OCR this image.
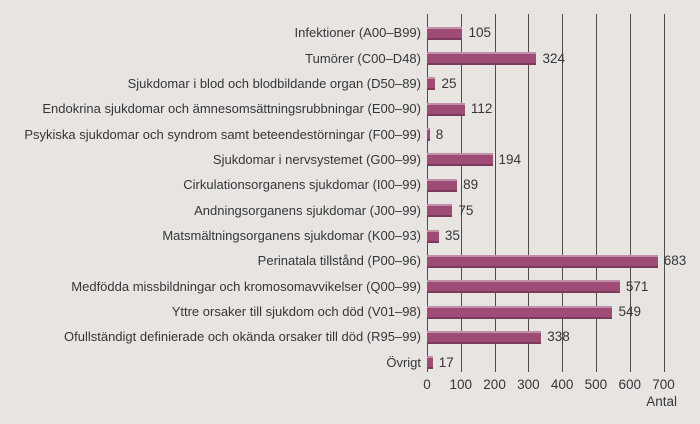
0 100 200 300 400 500 600 700
Infektioner (A00–B99)	105
Tumörer (C00–D48)	324
Sjukdomar i blod och blodbildande organ (D50–89) 25
Endokrina sjukdomar och ämnesomsättningsrubbningar (E00–90)	112
Psykiska sjukdomar och syndrom samt beteendestörningar (F00–99) 8
Sjukdomar i nervsystemet (G00–99)	194
Cirkulationsorganens sjukdomar (I00–99)	89
Andningsorganens sjukdomar (J00–99)	75
Matsmältningsorganens sjukdomar (K00–93) 35
Perinatala tillstånd (P00–96)	683
Medfödda missbildningar och kromosomavvikelser (Q00–99)	571
Yttre orsaker till sjukdom och död (V01–98)	549
Ofullständigt definierade och okända orsaker till död (R95–99)	338
Övrigt 17
Antal
